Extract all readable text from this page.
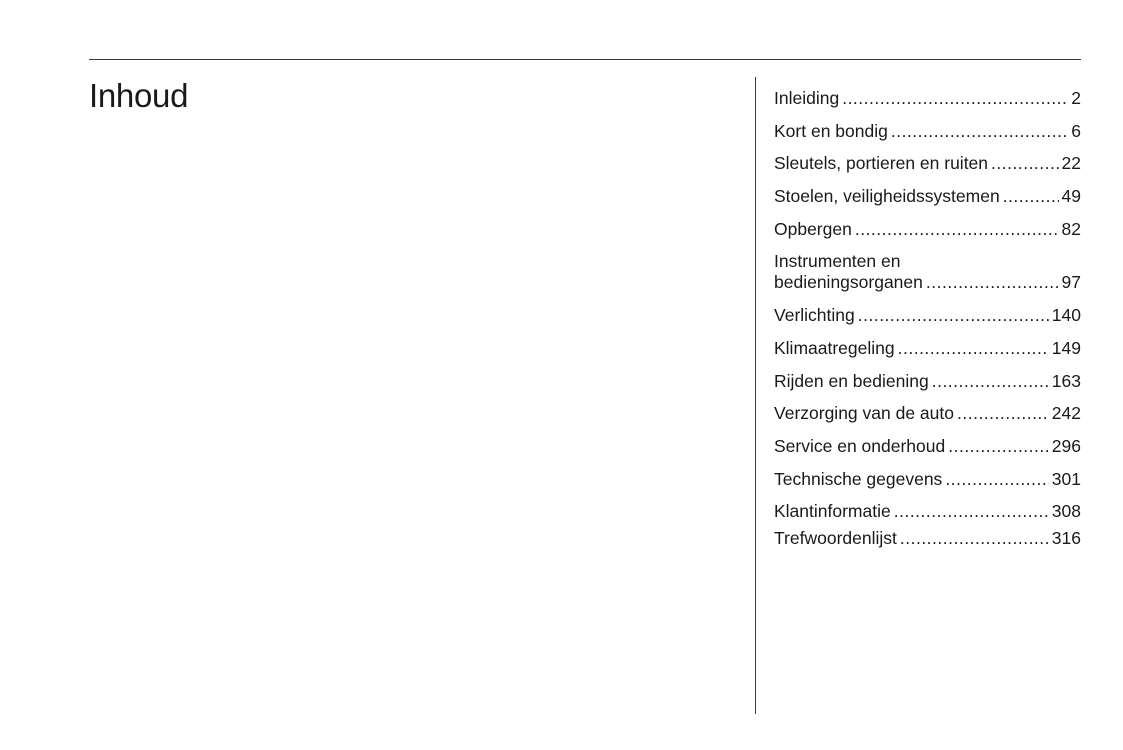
Inhoud	Inleiding .....	2
Kort en bondig .....	6
Sleutels, portieren en ruiten .....	22
Stoelen, veiligheidssystemen .....	49
Opbergen .....	82
Instrumenten en
bedieningsorganen .....	97
Verlichting .....	140
Klimaatregeling .....	149
Rijden en bediening .....	163
Verzorging van de auto .....	242
Service en onderhoud .....	296
Technische gegevens .....	301
Klantinformatie .....	308
Trefwoordenlijst .....	316
